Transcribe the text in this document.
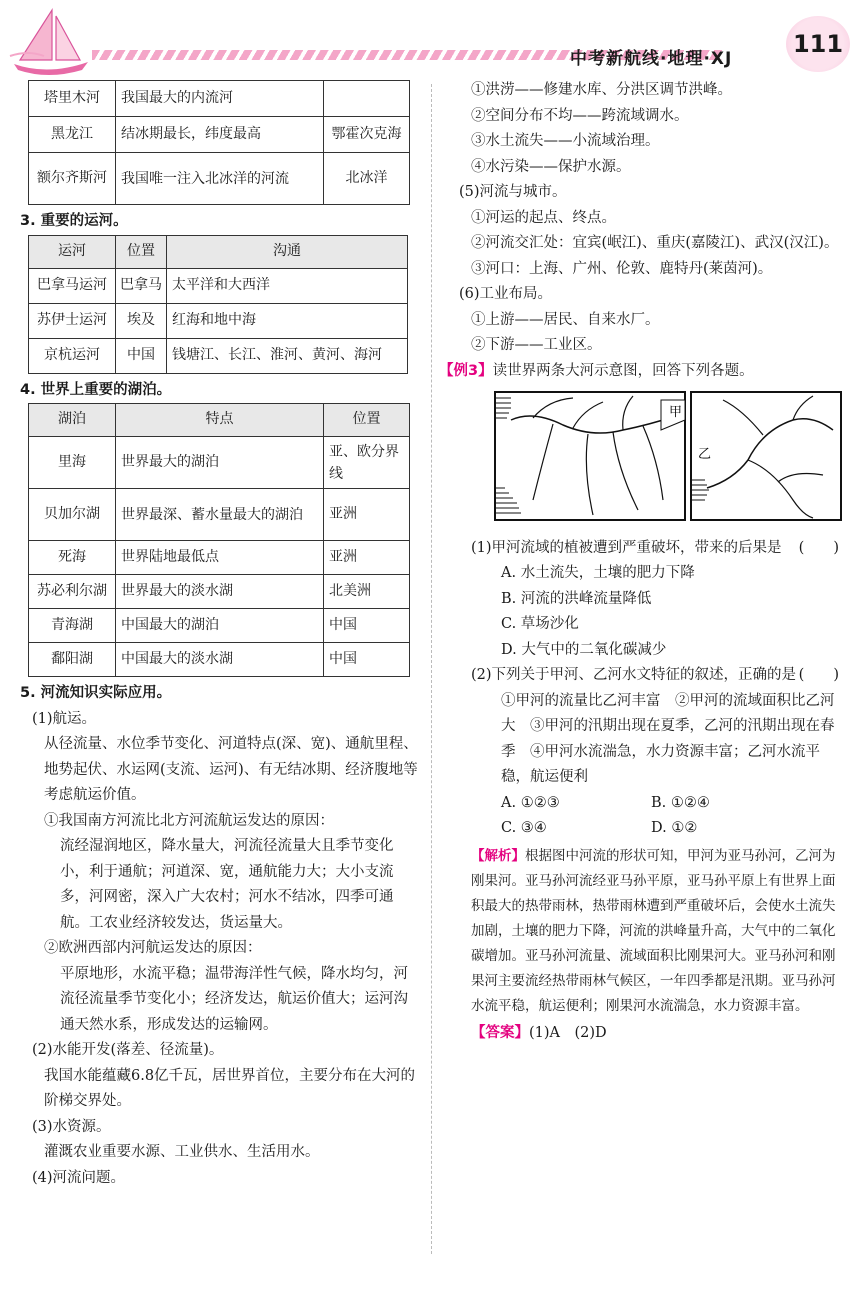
中考新航线·地理·XJ
111
塔里木河	我国最大的内流河	
黑龙江	结冰期最长，纬度最高	鄂霍次克海
额尔齐斯河	我国唯一注入北冰洋的河流	北冰洋
3. 重要的运河。
运河	位置	沟通
巴拿马运河	巴拿马	太平洋和大西洋
苏伊士运河	埃及	红海和地中海
京杭运河	中国	钱塘江、长江、淮河、黄河、海河
4. 世界上重要的湖泊。
湖泊	特点	位置
里海	世界最大的湖泊	亚、欧分界线
贝加尔湖	世界最深、蓄水量最大的湖泊	亚洲
死海	世界陆地最低点	亚洲
苏必利尔湖	世界最大的淡水湖	北美洲
青海湖	中国最大的湖泊	中国
鄱阳湖	中国最大的淡水湖	中国
5. 河流知识实际应用。
(1)航运。
从径流量、水位季节变化、河道特点(深、宽)、通航里程、地势起伏、水运网(支流、运河)、有无结冰期、经济腹地等考虑航运价值。
①我国南方河流比北方河流航运发达的原因：
流经湿润地区，降水量大，河流径流量大且季节变化小，利于通航；河道深、宽，通航能力大；大小支流多，河网密，深入广大农村；河水不结冰，四季可通航。工农业经济较发达，货运量大。
②欧洲西部内河航运发达的原因：
平原地形，水流平稳；温带海洋性气候，降水均匀，河流径流量季节变化小；经济发达，航运价值大；运河沟通天然水系，形成发达的运输网。
(2)水能开发(落差、径流量)。
我国水能蕴藏6.8亿千瓦，居世界首位，主要分布在大河的阶梯交界处。
(3)水资源。
灌溉农业重要水源、工业供水、生活用水。
(4)河流问题。
①洪涝——修建水库、分洪区调节洪峰。
②空间分布不均——跨流域调水。
③水土流失——小流域治理。
④水污染——保护水源。
(5)河流与城市。
①河运的起点、终点。
②河流交汇处：宜宾(岷江)、重庆(嘉陵江)、武汉(汉江)。
③河口：上海、广州、伦敦、鹿特丹(莱茵河)。
(6)工业布局。
①上游——居民、自来水厂。
②下游——工业区。
【例3】读世界两条大河示意图，回答下列各题。
甲
乙
(1)甲河流域的植被遭到严重破坏，带来的后果是 (　　)
A. 水土流失，土壤的肥力下降
B. 河流的洪峰流量降低
C. 草场沙化
D. 大气中的二氧化碳减少
(2)下列关于甲河、乙河水文特征的叙述，正确的是 (　　)
①甲河的流量比乙河丰富　②甲河的流域面积比乙河大　③甲河的汛期出现在夏季，乙河的汛期出现在春季　④甲河水流湍急，水力资源丰富；乙河水流平稳，航运便利
A. ①②③	B. ①②④
C. ③④	D. ①②
【解析】根据图中河流的形状可知，甲河为亚马孙河，乙河为刚果河。亚马孙河流经亚马孙平原，亚马孙平原上有世界上面积最大的热带雨林，热带雨林遭到严重破坏后，会使水土流失加剧，土壤的肥力下降，河流的洪峰量升高，大气中的二氧化碳增加。亚马孙河流量、流域面积比刚果河大。亚马孙河和刚果河主要流经热带雨林气候区，一年四季都是汛期。亚马孙河水流平稳，航运便利；刚果河水流湍急，水力资源丰富。
【答案】(1)A　(2)D
